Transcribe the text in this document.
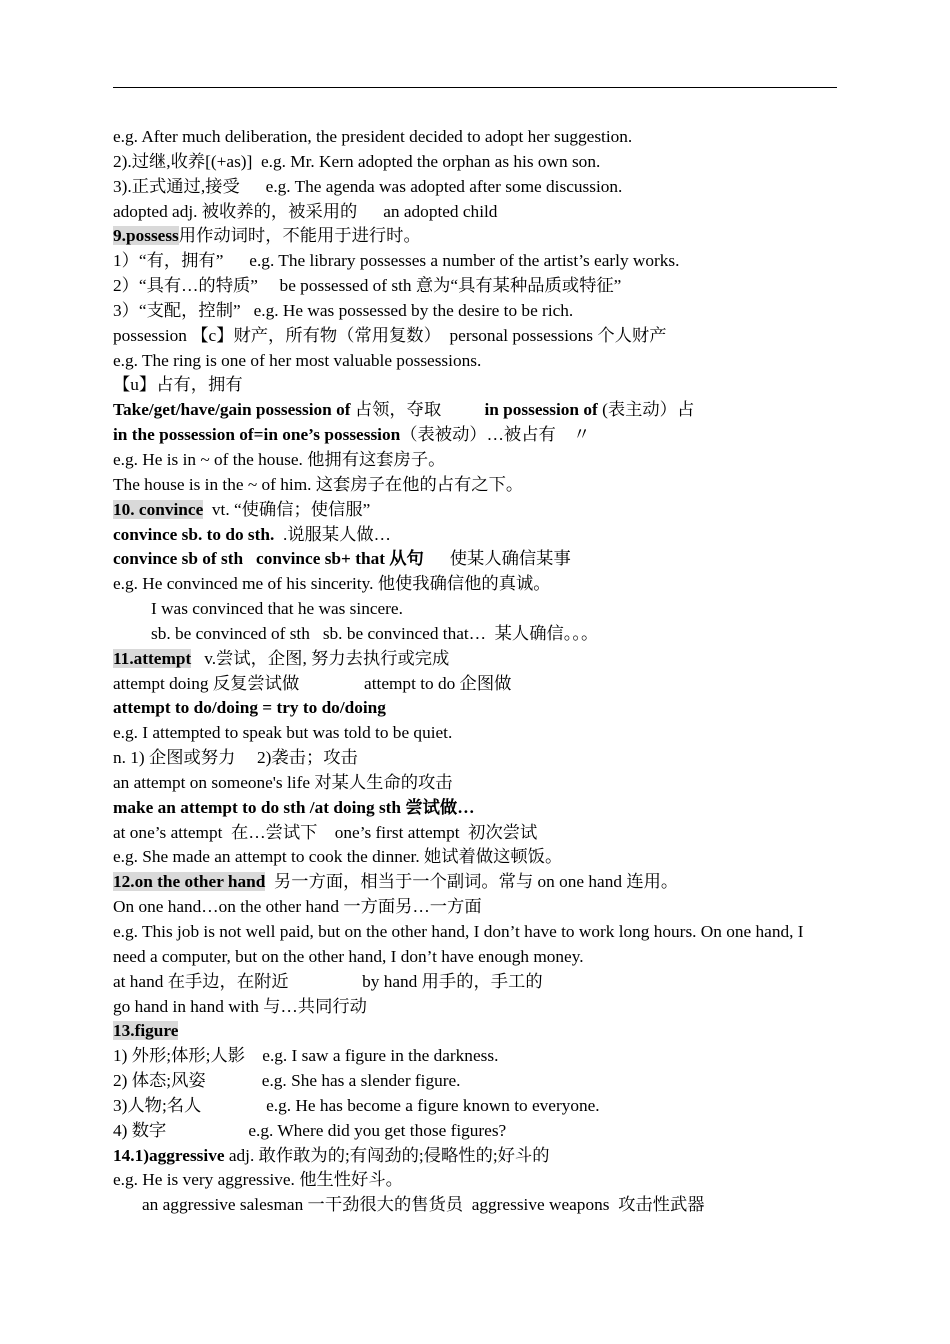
e.g. After much deliberation, the president decided to adopt her suggestion.
2).过继,收养[(+as)]  e.g. Mr. Kern adopted the orphan as his own son.
3).正式通过,接受      e.g. The agenda was adopted after some discussion.
adopted adj. 被收养的，被采用的      an adopted child
9.possess用作动词时，不能用于进行时。
1）“有，拥有”      e.g. The library possesses a number of the artist’s early works.
2）“具有…的特质”     be possessed of sth 意为“具有某种品质或特征”
3）“支配，控制”   e.g. He was possessed by the desire to be rich.
possession 【c】财产，所有物（常用复数）  personal possessions 个人财产
e.g. The ring is one of her most valuable possessions.
【u】占有，拥有
Take/get/have/gain possession of 占领，夺取          in possession of (表主动）占
in the possession of=in one’s possession（表被动）…被占有    〃
e.g. He is in ~ of the house. 他拥有这套房子。
The house is in the ~ of him. 这套房子在他的占有之下。
10. convince  vt. “使确信；使信服”
convince sb. to do sth.  .说服某人做…
convince sb of sth   convince sb+ that 从句      使某人确信某事
e.g. He convinced me of his sincerity. 他使我确信他的真诚。
I was convinced that he was sincere.
sb. be convinced of sth   sb. be convinced that…  某人确信。。。
11.attempt   v.尝试，企图, 努力去执行或完成
attempt doing 反复尝试做               attempt to do 企图做
attempt to do/doing = try to do/doing
e.g. I attempted to speak but was told to be quiet.
n. 1) 企图或努力     2)袭击；攻击
an attempt on someone's life 对某人生命的攻击
make an attempt to do sth /at doing sth 尝试做…
at one’s attempt  在…尝试下    one’s first attempt  初次尝试
e.g. She made an attempt to cook the dinner. 她试着做这顿饭。
12.on the other hand  另一方面，相当于一个副词。常与 on one hand 连用。
On one hand…on the other hand 一方面另…一方面
e.g. This job is not well paid, but on the other hand, I don’t have to work long hours. On one hand, I need a computer, but on the other hand, I don’t have enough money.
at hand 在手边，在附近                 by hand 用手的，手工的
go hand in hand with 与…共同行动
13.figure
1) 外形;体形;人影    e.g. I saw a figure in the darkness.
2) 体态;风姿             e.g. She has a slender figure.
3)人物;名人               e.g. He has become a figure known to everyone.
4) 数字                   e.g. Where did you get those figures?
14.1)aggressive adj. 敢作敢为的;有闯劲的;侵略性的;好斗的
e.g. He is very aggressive. 他生性好斗。
an aggressive salesman 一干劲很大的售货员  aggressive weapons  攻击性武器
